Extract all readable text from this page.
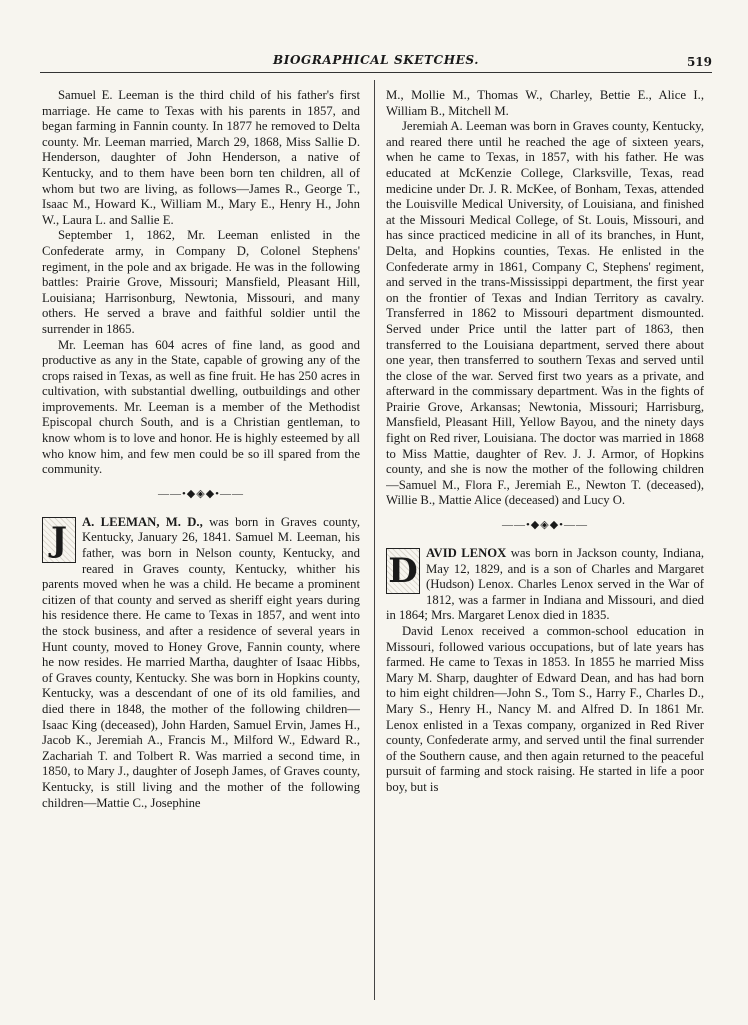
BIOGRAPHICAL SKETCHES.	519

Samuel E. Leeman is the third child of his father's first marriage. He came to Texas with his parents in 1857, and began farming in Fannin county. In 1877 he removed to Delta county. Mr. Leeman married, March 29, 1868, Miss Sallie D. Henderson, daughter of John Henderson, a native of Kentucky, and to them have been born ten children, all of whom but two are living, as follows—James R., George T., Isaac M., Howard K., William M., Mary E., Henry H., John W., Laura L. and Sallie E.

September 1, 1862, Mr. Leeman enlisted in the Confederate army, in Company D, Colonel Stephens' regiment, in the pole and ax brigade. He was in the following battles: Prairie Grove, Missouri; Mansfield, Pleasant Hill, Louisiana; Harrisonburg, Newtonia, Missouri, and many others. He served a brave and faithful soldier until the surrender in 1865.

Mr. Leeman has 604 acres of fine land, as good and productive as any in the State, capable of growing any of the crops raised in Texas, as well as fine fruit. He has 250 acres in cultivation, with substantial dwelling, outbuildings and other improvements. Mr. Leeman is a member of the Methodist Episcopal church South, and is a Christian gentleman, to know whom is to love and honor. He is highly esteemed by all who know him, and few men could be so ill spared from the community.

——•◆◈◆•——
J	A. LEEMAN, M. D., was born in Graves county, Kentucky, January 26, 1841. Samuel M. Leeman, his father, was born in Nelson county, Kentucky, and reared in Graves county, Kentucky, whither his parents moved when he was a child. He became a prominent citizen of that county and served as sheriff eight years during his residence there. He came to Texas in 1857, and went into the stock business, and after a residence of several years in Hunt county, moved to Honey Grove, Fannin county, where he now resides. He married Martha, daughter of Isaac Hibbs, of Graves county, Kentucky. She was born in Hopkins county, Kentucky, was a descendant of one of its old families, and died there in 1848, the mother of the following children—Isaac King (deceased), John Harden, Samuel Ervin, James H., Jacob K., Jeremiah A., Francis M., Milford W., Edward R., Zachariah T. and Tolbert R. Was married a second time, in 1850, to Mary J., daughter of Joseph James, of Graves county, Kentucky, is still living and the mother of the following children—Mattie C., Josephine

M., Mollie M., Thomas W., Charley, Bettie E., Alice I., William B., Mitchell M.

Jeremiah A. Leeman was born in Graves county, Kentucky, and reared there until he reached the age of sixteen years, when he came to Texas, in 1857, with his father. He was educated at McKenzie College, Clarksville, Texas, read medicine under Dr. J. R. McKee, of Bonham, Texas, attended the Louisville Medical University, of Louisiana, and finished at the Missouri Medical College, of St. Louis, Missouri, and has since practiced medicine in all of its branches, in Hunt, Delta, and Hopkins counties, Texas. He enlisted in the Confederate army in 1861, Company C, Stephens' regiment, and served in the trans-Mississippi department, the first year on the frontier of Texas and Indian Territory as cavalry. Transferred in 1862 to Missouri department dismounted. Served under Price until the latter part of 1863, then transferred to the Louisiana department, served there about one year, then transferred to southern Texas and served until the close of the war. Served first two years as a private, and afterward in the commissary department. Was in the fights of Prairie Grove, Arkansas; Newtonia, Missouri; Harrisburg, Mansfield, Pleasant Hill, Yellow Bayou, and the ninety days fight on Red river, Louisiana. The doctor was married in 1868 to Miss Mattie, daughter of Rev. J. J. Armor, of Hopkins county, and she is now the mother of the following children —Samuel M., Flora F., Jeremiah E., Newton T. (deceased), Willie B., Mattie Alice (deceased) and Lucy O.

——•◆◈◆•——
D AVID LENOX was born in Jackson county, Indiana, May 12, 1829, and is a son of Charles and Margaret (Hudson) Lenox. Charles Lenox served in the War of 1812, was a farmer in Indiana and Missouri, and died in 1864; Mrs. Margaret Lenox died in 1835.

David Lenox received a common-school education in Missouri, followed various occupations, but of late years has farmed. He came to Texas in 1853. In 1855 he married Miss Mary M. Sharp, daughter of Edward Dean, and has had born to him eight children—John S., Tom S., Harry F., Charles D., Mary S., Henry H., Nancy M. and Alfred D. In 1861 Mr. Lenox enlisted in a Texas company, organized in Red River county, Confederate army, and served until the final surrender of the Southern cause, and then again returned to the peaceful pursuit of farming and stock raising. He started in life a poor boy, but is
